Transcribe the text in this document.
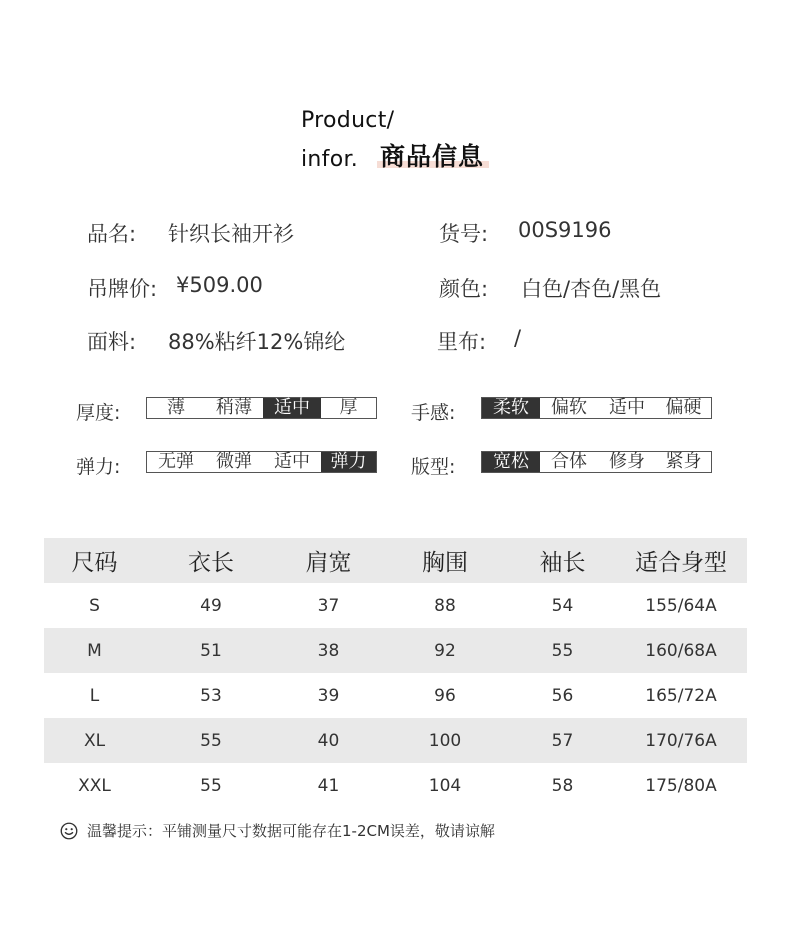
Product/
infor. 商品信息
品名: 针织长袖开衫	货号: 00S9196
吊牌价: ¥509.00	颜色: 白色/杏色/黑色
面料: 88%粘纤12%锦纶	里布: /
厚度:	薄	稍薄	适中	厚	手感:	柔软	偏软	适中	偏硬
弹力:	无弹	微弹	适中	弹力	版型:	宽松	合体	修身	紧身
尺码	衣长	肩宽	胸围	袖长	适合身型
S	49	37	88	54	155/64A
M	51	38	92	55	160/68A
L	53	39	96	56	165/72A
XL	55	40	100	57	170/76A
XXL	55	41	104	58	175/80A
温馨提示：平铺测量尺寸数据可能存在1-2CM误差，敬请谅解
